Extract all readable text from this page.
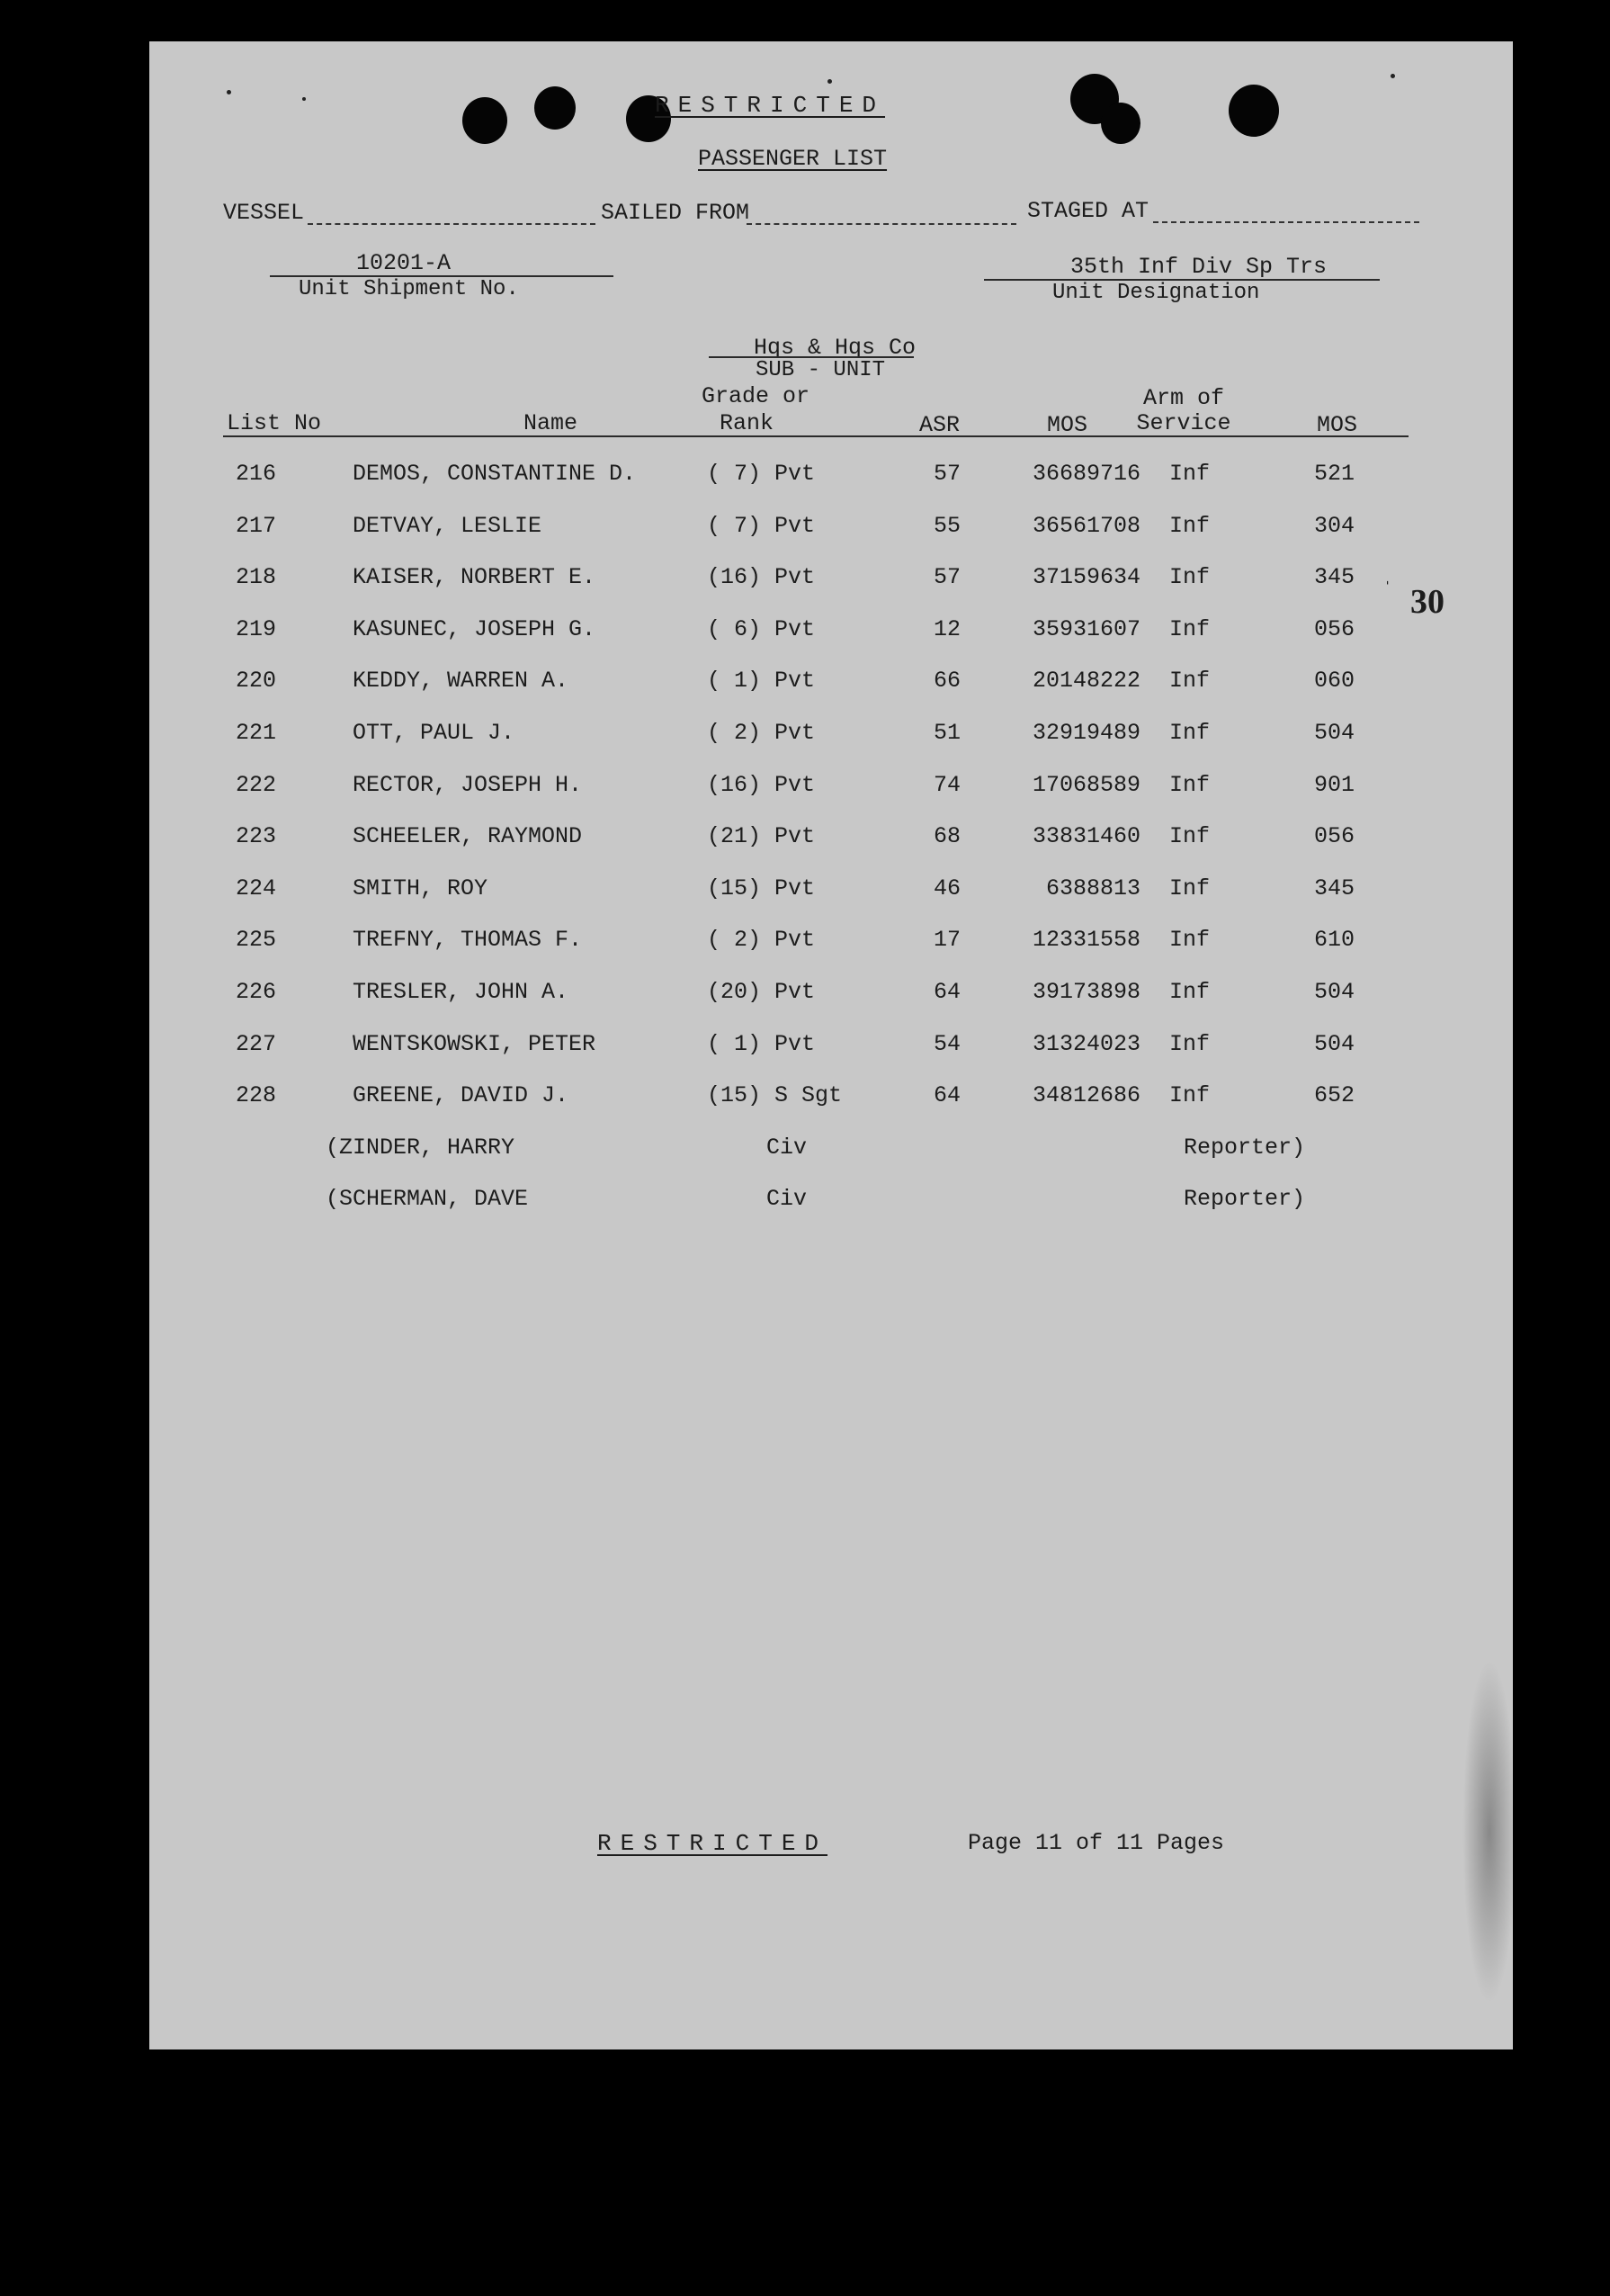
RESTRICTED
PASSENGER LIST
VESSEL	SAILED FROM	STAGED AT
10201-A
Unit Shipment No.
35th Inf Div Sp Trs
Unit Designation
Hqs & Hqs Co
SUB - UNIT
List No	Name
Grade or
Rank	ASR	MOS
Arm of
Service	MOS
216	DEMOS, CONSTANTINE D.	( 7) Pvt	57	36689716 Inf	521
217	DETVAY, LESLIE	( 7) Pvt	55	36561708 Inf	304
218	KAISER, NORBERT E.	(16) Pvt	57	37159634 Inf	345
219	KASUNEC, JOSEPH G.	( 6) Pvt	12	35931607 Inf	056
220	KEDDY, WARREN A.	( 1) Pvt	66	20148222 Inf	060
221	OTT, PAUL J.	( 2) Pvt	51	32919489 Inf	504
222	RECTOR, JOSEPH H.	(16) Pvt	74	17068589 Inf	901
223	SCHEELER, RAYMOND	(21) Pvt	68	33831460 Inf	056
224	SMITH, ROY	(15) Pvt	46	6388813 Inf	345
225	TREFNY, THOMAS F.	( 2) Pvt	17	12331558 Inf	610
226	TRESLER, JOHN A.	(20) Pvt	64	39173898 Inf	504
227	WENTSKOWSKI, PETER	( 1) Pvt	54	31324023 Inf	504
228	GREENE, DAVID J.	(15) S Sgt	64	34812686 Inf	652
(ZINDER, HARRY	Civ	Reporter)
(SCHERMAN, DAVE	Civ	Reporter)
30
ˈ
RESTRICTED	Page 11 of 11 Pages
